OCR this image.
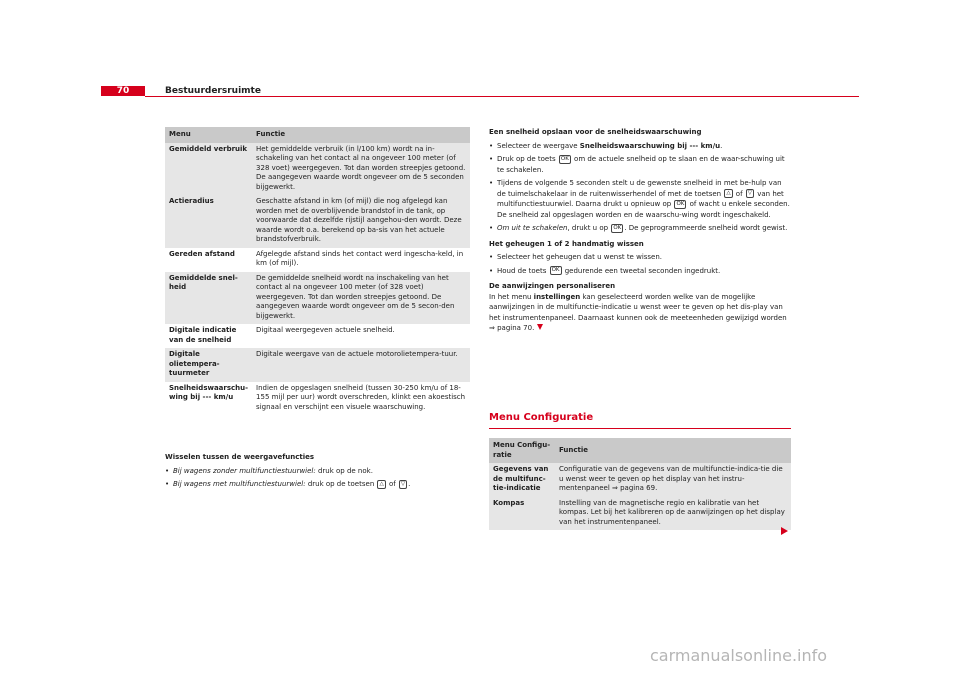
70	Bestuurdersruimte
Menu	Functie
Gemiddeld verbruik	Het gemiddelde verbruik (in l/100 km) wordt na in-schakeling van het contact al na ongeveer 100 meter (of 328 voet) weergegeven. Tot dan worden streepjes getoond. De aangegeven waarde wordt ongeveer om de 5 seconden bijgewerkt.
Actieradius	Geschatte afstand in km (of mijl) die nog afgelegd kan worden met de overblijvende brandstof in de tank, op voorwaarde dat dezelfde rijstijl aangehou-den wordt. Deze waarde wordt o.a. berekend op ba-sis van het actuele brandstofverbruik.
Gereden afstand	Afgelegde afstand sinds het contact werd ingescha-keld, in km (of mijl).
Gemiddelde snel-heid	De gemiddelde snelheid wordt na inschakeling van het contact al na ongeveer 100 meter (of 328 voet) weergegeven. Tot dan worden streepjes getoond. De aangegeven waarde wordt ongeveer om de 5 secon-den bijgewerkt.
Digitale indicatie van de snelheid	Digitaal weergegeven actuele snelheid.
Digitale olietempera-tuurmeter	Digitale weergave van de actuele motorolietempera-tuur.
Snelheidswaarschu-wing bij --- km/u	Indien de opgeslagen snelheid (tussen 30-250 km/u of 18-155 mijl per uur) wordt overschreden, klinkt een akoestisch signaal en verschijnt een visuele waarschuwing.
Wisselen tussen de weergavefuncties
• Bij wagens zonder multifunctiestuurwiel: druk op de nok.
• Bij wagens met multifunctiestuurwiel: druk op de toetsen △ of ▽ .
Een snelheid opslaan voor de snelheidswaarschuwing
• Selecteer de weergave Snelheidswaarschuwing bij --- km/u.
• Druk op de toets OK om de actuele snelheid op te slaan en de waar-schuwing uit te schakelen.
• Tijdens de volgende 5 seconden stelt u de gewenste snelheid in met be-hulp van de tuimelschakelaar in de ruitenwisserhendel of met de toetsen △ of ▽ van het multifunctiestuurwiel. Daarna drukt u opnieuw op OK of wacht u enkele seconden. De snelheid zal opgeslagen worden en de waarschu-wing wordt ingeschakeld.
• Om uit te schakelen, drukt u op OK . De geprogrammeerde snelheid wordt gewist.
Het geheugen 1 of 2 handmatig wissen
• Selecteer het geheugen dat u wenst te wissen.
• Houd de toets OK gedurende een tweetal seconden ingedrukt.
De aanwijzingen personaliseren
In het menu instellingen kan geselecteerd worden welke van de mogelijke aanwijzingen in de multifunctie-indicatie u wenst weer te geven op het dis-play van het instrumentenpaneel. Daarnaast kunnen ook de meeteenheden gewijzigd worden ⇒ pagina 70.
Menu Configuratie
Menu Configu-ratie	Functie
Gegevens van de multifunc-tie-indicatie	Configuratie van de gegevens van de multifunctie-indica-tie die u wenst weer te geven op het display van het instru-mentenpaneel ⇒ pagina 69.
Kompas	Instelling van de magnetische regio en kalibratie van het kompas. Let bij het kalibreren op de aanwijzingen op het display van het instrumentenpaneel.
carmanualsonline.info
